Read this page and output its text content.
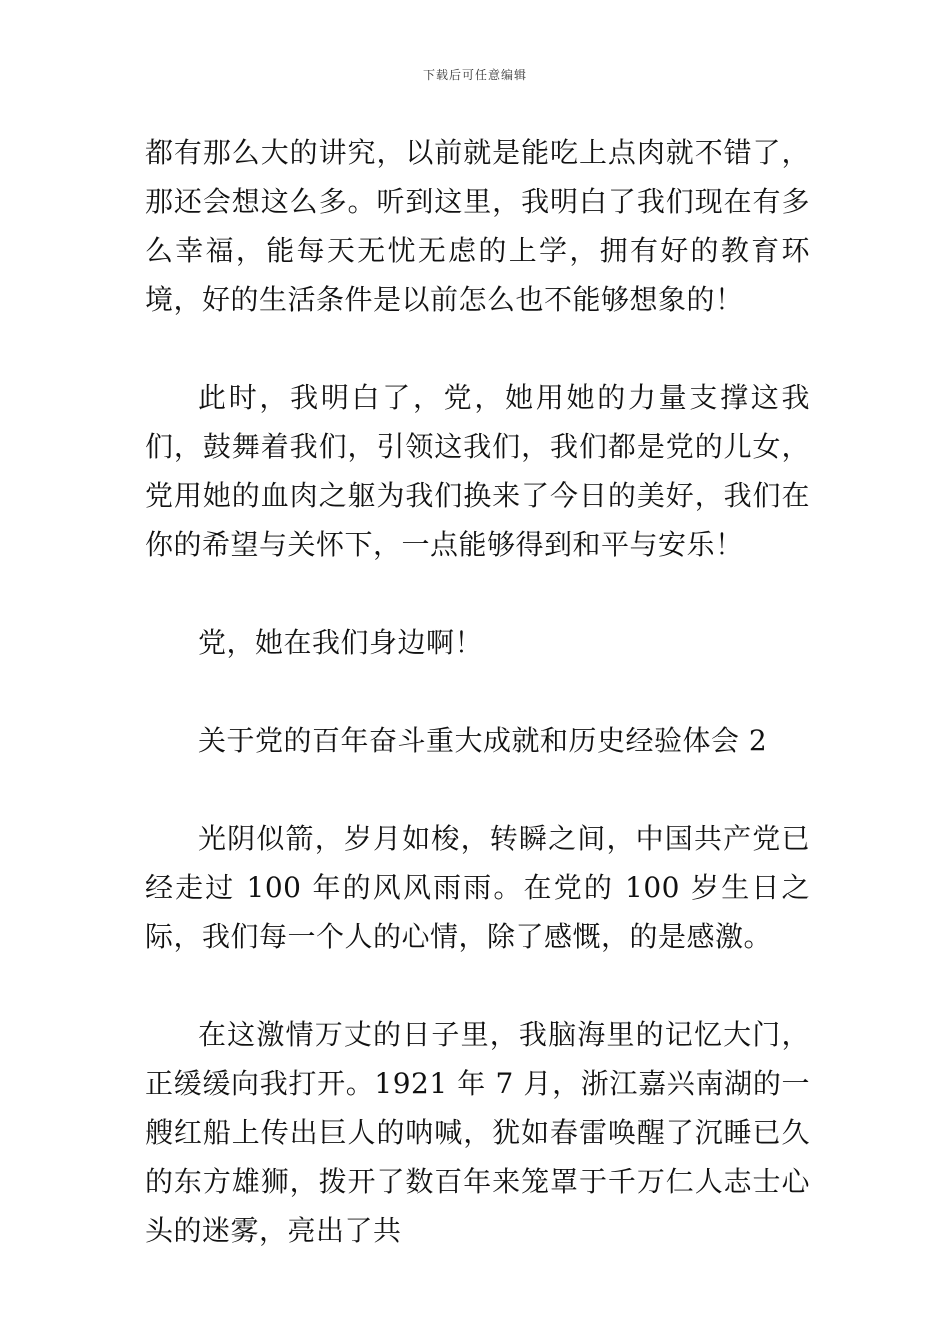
下载后可任意编辑

都有那么大的讲究，以前就是能吃上点肉就不错了，那还会想这么多。听到这里，我明白了我们现在有多么幸福，能每天无忧无虑的上学，拥有好的教育环境，好的生活条件是以前怎么也不能够想象的！

此时，我明白了，党，她用她的力量支撑这我们，鼓舞着我们，引领这我们，我们都是党的儿女，党用她的血肉之躯为我们换来了今日的美好，我们在你的希望与关怀下，一点能够得到和平与安乐！

党，她在我们身边啊！

关于党的百年奋斗重大成就和历史经验体会 2

光阴似箭，岁月如梭，转瞬之间，中国共产党已经走过 100 年的风风雨雨。在党的 100 岁生日之际，我们每一个人的心情，除了感慨，的是感激。

在这激情万丈的日子里，我脑海里的记忆大门，正缓缓向我打开。1921 年 7 月，浙江嘉兴南湖的一艘红船上传出巨人的呐喊，犹如春雷唤醒了沉睡已久的东方雄狮，拨开了数百年来笼罩于千万仁人志士心头的迷雾，亮出了共
